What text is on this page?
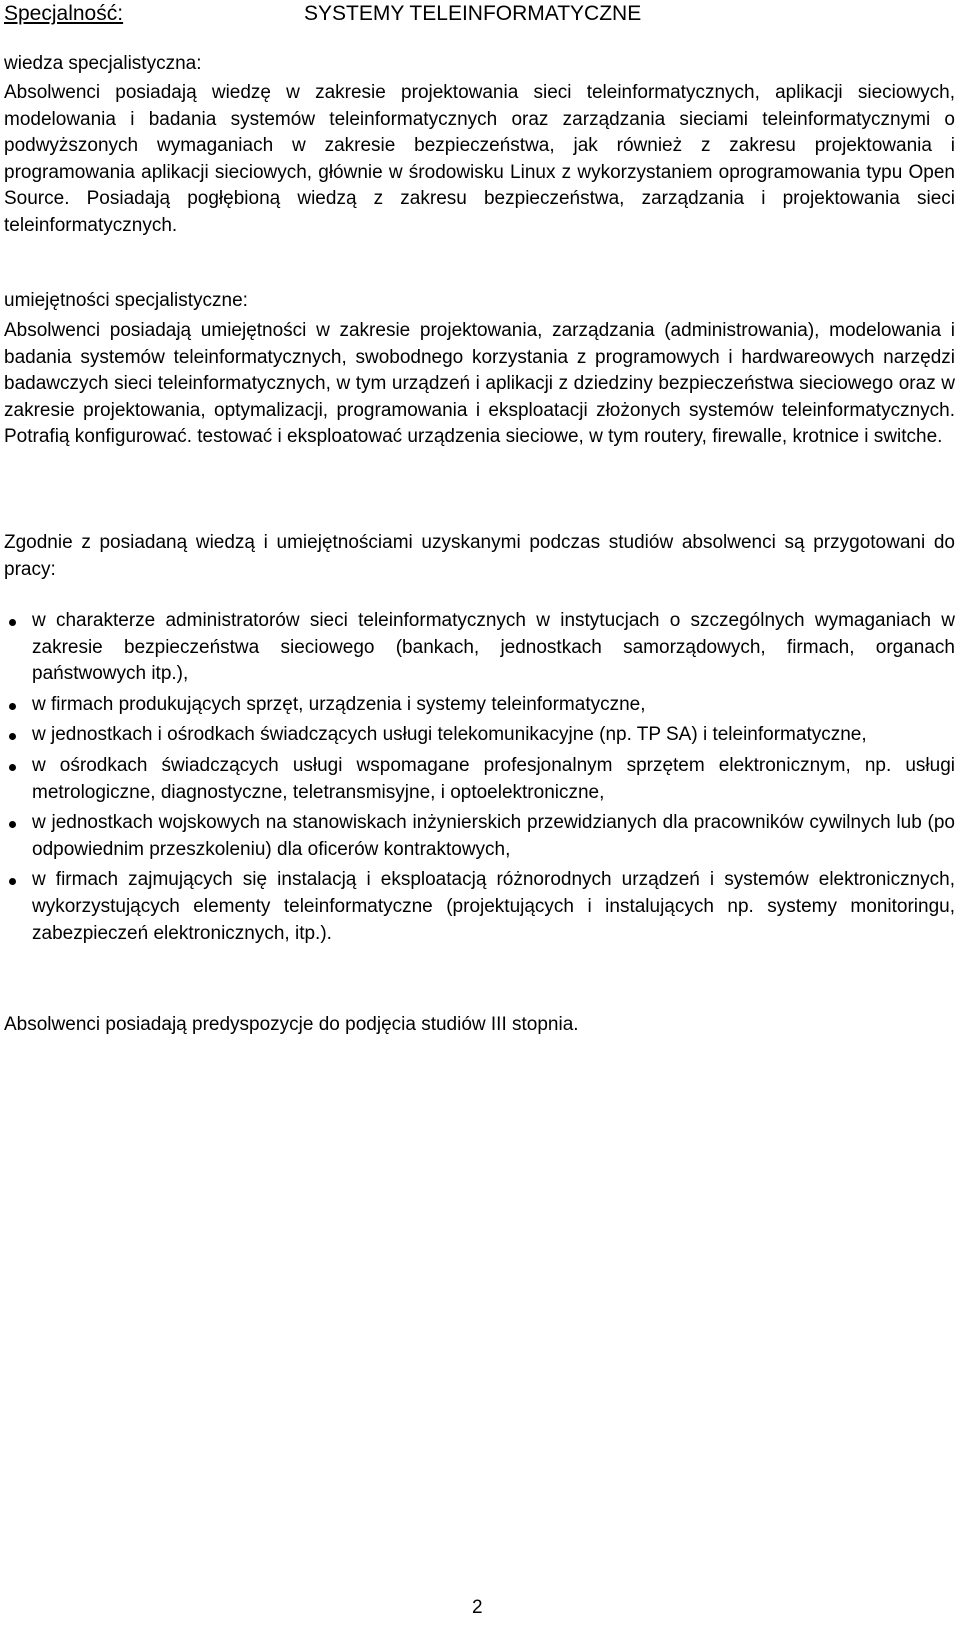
Specjalność:	SYSTEMY TELEINFORMATYCZNE
wiedza specjalistyczna:

Absolwenci posiadają wiedzę w zakresie projektowania sieci teleinformatycznych, aplikacji sieciowych, modelowania i badania systemów teleinformatycznych oraz zarządzania sieciami teleinformatycznymi o podwyższonych wymaganiach w zakresie bezpieczeństwa, jak również z zakresu projektowania i programowania aplikacji sieciowych, głównie w środowisku Linux z wykorzystaniem oprogramowania typu Open Source. Posiadają pogłębioną wiedzą z zakresu bezpieczeństwa, zarządzania i projektowania sieci teleinformatycznych.

umiejętności specjalistyczne:

Absolwenci posiadają umiejętności w zakresie projektowania, zarządzania (administrowania), modelowania i badania systemów teleinformatycznych, swobodnego korzystania z programowych i hardwareowych narzędzi badawczych sieci teleinformatycznych, w tym urządzeń i aplikacji z dziedziny bezpieczeństwa sieciowego oraz w zakresie projektowania, optymalizacji, programowania i eksploatacji złożonych systemów teleinformatycznych. Potrafią konfigurować. testować i eksploatować urządzenia sieciowe, w tym routery, firewalle, krotnice i switche.

Zgodnie z posiadaną wiedzą i umiejętnościami uzyskanymi podczas studiów absolwenci są przygotowani do pracy:

w charakterze administratorów sieci teleinformatycznych w instytucjach o szczególnych wymaganiach w zakresie bezpieczeństwa sieciowego (bankach, jednostkach samorządowych, firmach, organach państwowych itp.),
w firmach produkujących sprzęt, urządzenia i systemy teleinformatyczne,
w jednostkach i ośrodkach świadczących usługi telekomunikacyjne (np. TP SA) i teleinformatyczne,
w ośrodkach świadczących usługi wspomagane profesjonalnym sprzętem elektronicznym, np. usługi metrologiczne, diagnostyczne, teletransmisyjne, i optoelektroniczne,
w jednostkach wojskowych na stanowiskach inżynierskich przewidzianych dla pracowników cywilnych lub (po odpowiednim przeszkoleniu) dla oficerów kontraktowych,
w firmach zajmujących się instalacją i eksploatacją różnorodnych urządzeń i systemów elektronicznych, wykorzystujących elementy teleinformatyczne (projektujących i instalujących np. systemy monitoringu, zabezpieczeń elektronicznych, itp.).

Absolwenci posiadają predyspozycje do podjęcia studiów III stopnia.

2
